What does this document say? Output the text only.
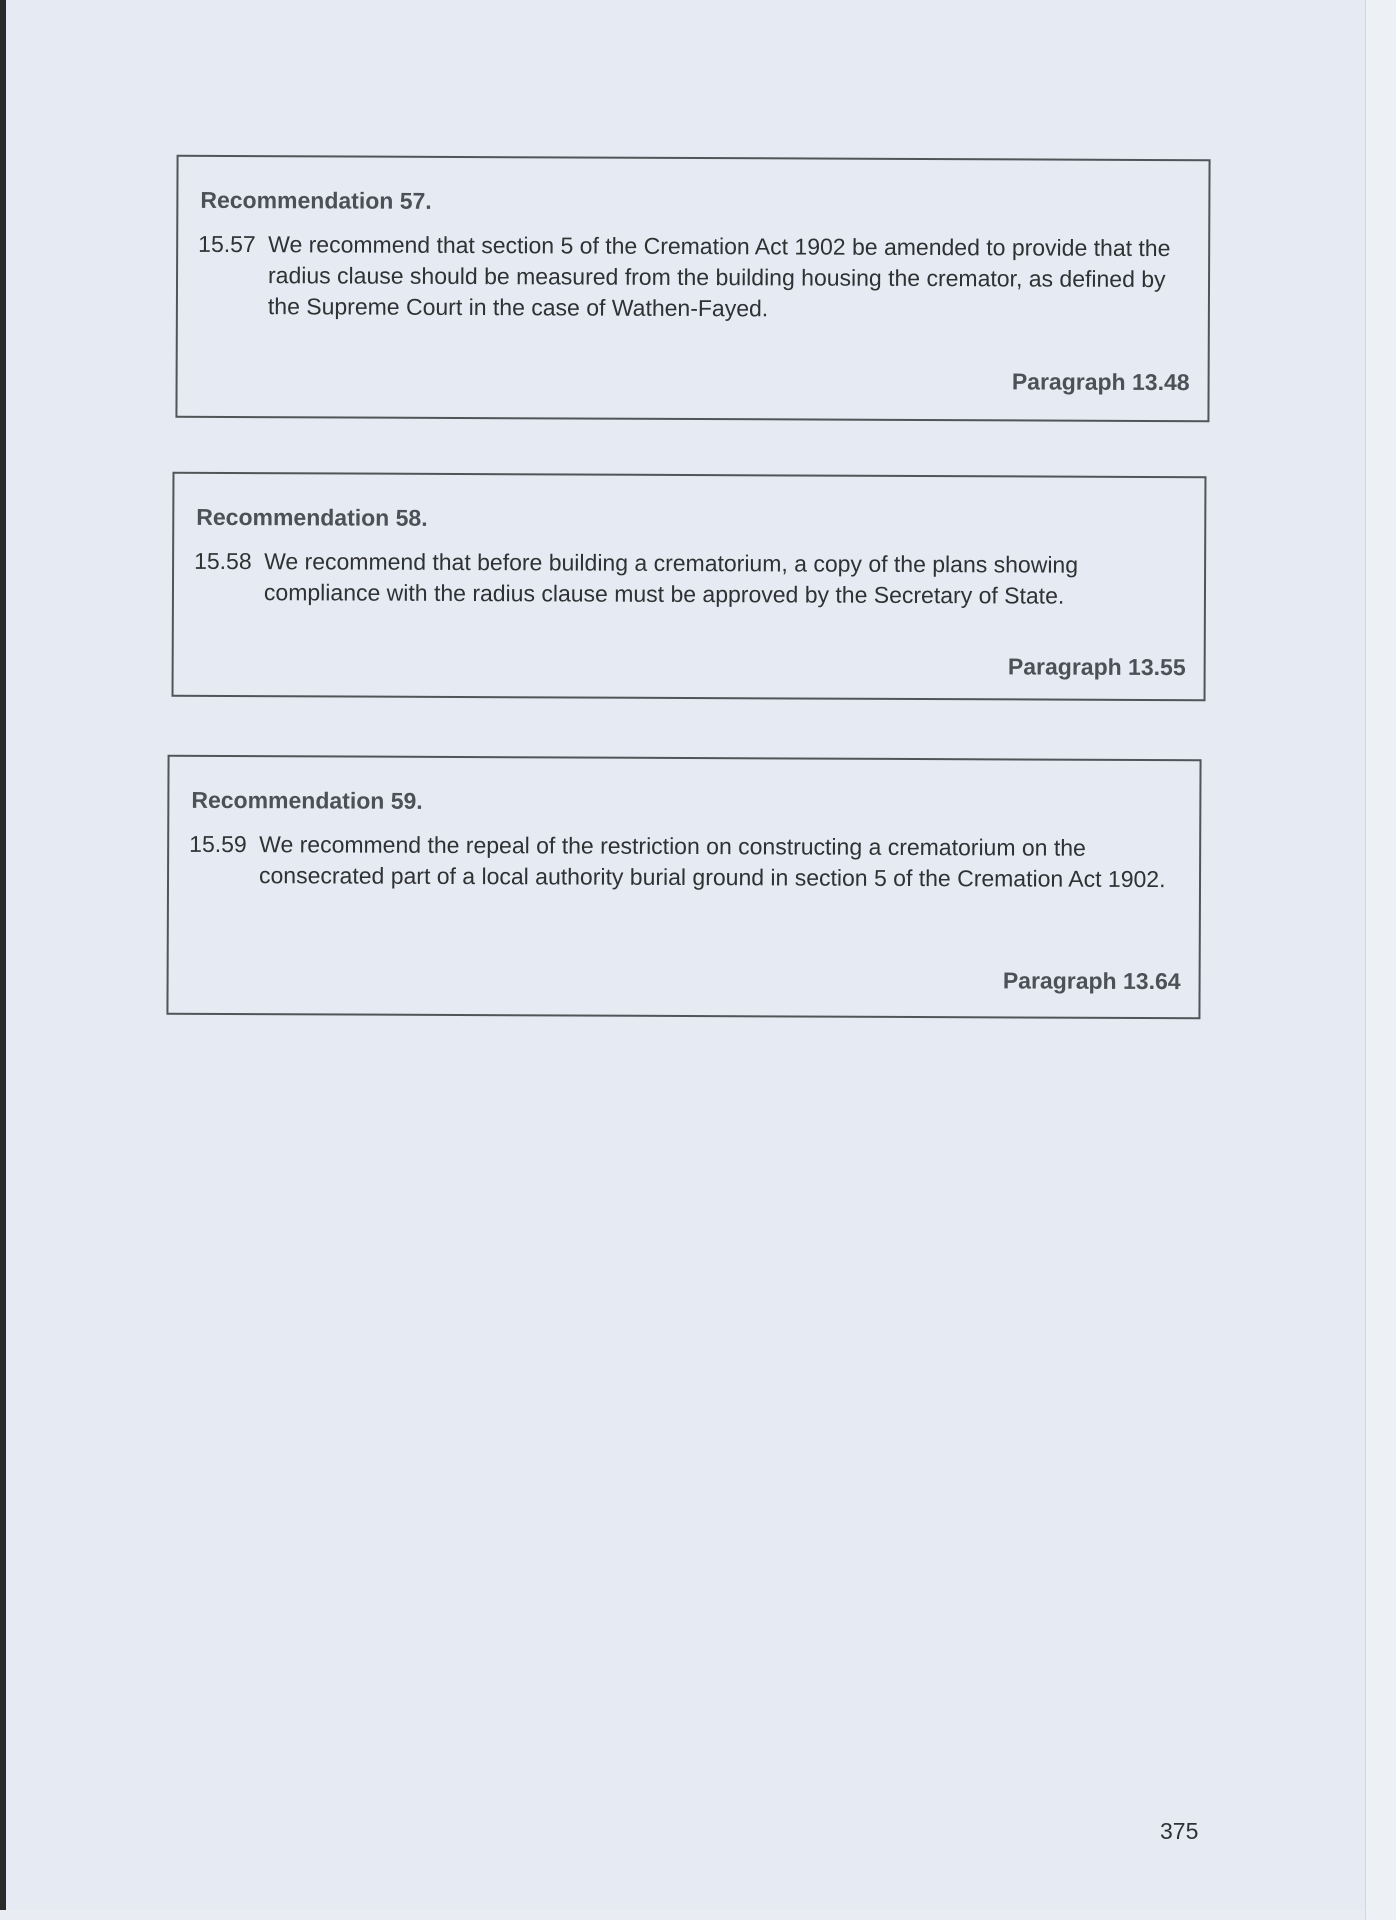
Recommendation 57.
15.57 We recommend that section 5 of the Cremation Act 1902 be amended to provide that the radius clause should be measured from the building housing the cremator, as defined by the Supreme Court in the case of Wathen-Fayed.
Paragraph 13.48
Recommendation 58.
15.58 We recommend that before building a crematorium, a copy of the plans showing compliance with the radius clause must be approved by the Secretary of State.
Paragraph 13.55
Recommendation 59.
15.59 We recommend the repeal of the restriction on constructing a crematorium on the consecrated part of a local authority burial ground in section 5 of the Cremation Act 1902.
Paragraph 13.64
375
